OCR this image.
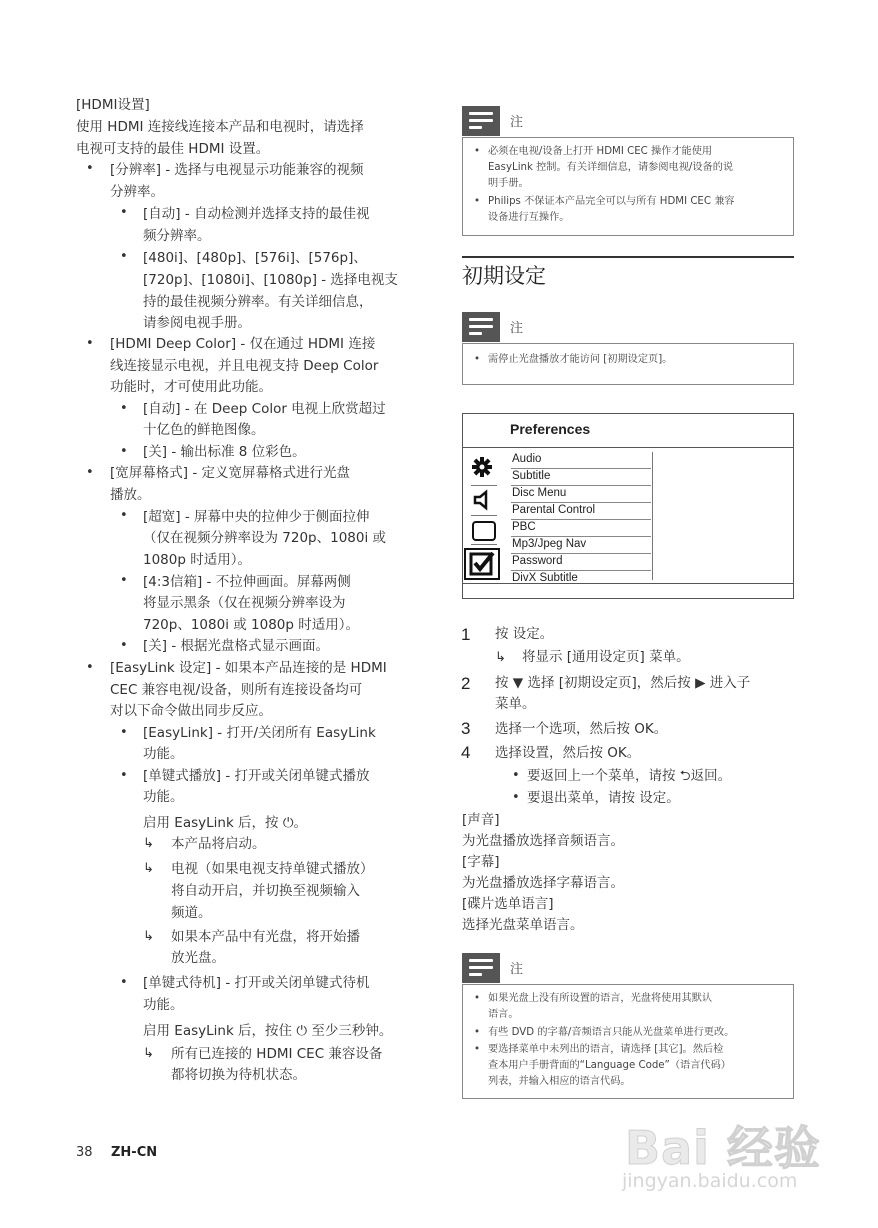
[HDMI设置]
使用 HDMI 连接线连接本产品和电视时，请选择
电视可支持的最佳 HDMI 设置。
• [分辨率] - 选择与电视显示功能兼容的视频
分辨率。
• [自动] - 自动检测并选择支持的最佳视
频分辨率。
• [480i]、[480p]、[576i]、[576p]、
[720p]、[1080i]、[1080p] - 选择电视支
持的最佳视频分辨率。有关详细信息，
请参阅电视手册。
• [HDMI Deep Color] - 仅在通过 HDMI 连接
线连接显示电视，并且电视支持 Deep Color
功能时，才可使用此功能。
• [自动] - 在 Deep Color 电视上欣赏超过
十亿色的鲜艳图像。
• [关] - 输出标准 8 位彩色。
• [宽屏幕格式] - 定义宽屏幕格式进行光盘
播放。
• [超宽] - 屏幕中央的拉伸少于侧面拉伸
（仅在视频分辨率设为 720p、1080i 或
1080p 时适用）。
• [4:3信箱] - 不拉伸画面。屏幕两侧
将显示黑条（仅在视频分辨率设为
720p、1080i 或 1080p 时适用）。
• [关] - 根据光盘格式显示画面。
• [EasyLink 设定] - 如果本产品连接的是 HDMI
CEC 兼容电视/设备，则所有连接设备均可
对以下命令做出同步反应。
• [EasyLink] - 打开/关闭所有 EasyLink
功能。
• [单键式播放] - 打开或关闭单键式播放
功能。
启用 EasyLink 后，按 ⏻。
↳ 本产品将启动。
↳ 电视（如果电视支持单键式播放）
将自动开启，并切换至视频输入
频道。
↳ 如果本产品中有光盘，将开始播
放光盘。
• [单键式待机] - 打开或关闭单键式待机
功能。
启用 EasyLink 后，按住 ⏻ 至少三秒钟。
↳ 所有已连接的 HDMI CEC 兼容设备
都将切换为待机状态。
38 ZH-CN
注
• 必须在电视/设备上打开 HDMI CEC 操作才能使用
EasyLink 控制。有关详细信息，请参阅电视/设备的说
明手册。
• Philips 不保证本产品完全可以与所有 HDMI CEC 兼容
设备进行互操作。
初期设定
注
• 需停止光盘播放才能访问 [初期设定页]。
Preferences
Audio
Subtitle
Disc Menu
Parental Control
PBC
Mp3/Jpeg Nav
Password
DivX Subtitle
1 按 设定。
↳ 将显示 [通用设定页] 菜单。
2 按 ▼ 选择 [初期设定页]，然后按 ▶ 进入子
菜单。
3 选择一个选项，然后按 OK。
4 选择设置，然后按 OK。
• 要返回上一个菜单，请按 ⮌返回。
• 要退出菜单，请按 设定。
[声音]
为光盘播放选择音频语言。
[字幕]
为光盘播放选择字幕语言。
[碟片选单语言]
选择光盘菜单语言。
注
• 如果光盘上没有所设置的语言，光盘将使用其默认
语言。
• 有些 DVD 的字幕/音频语言只能从光盘菜单进行更改。
• 要选择菜单中未列出的语言，请选择 [其它]。然后检
查本用户手册背面的“Language Code”（语言代码）
列表，并输入相应的语言代码。
Bai 经验
jingyan.baidu.com
